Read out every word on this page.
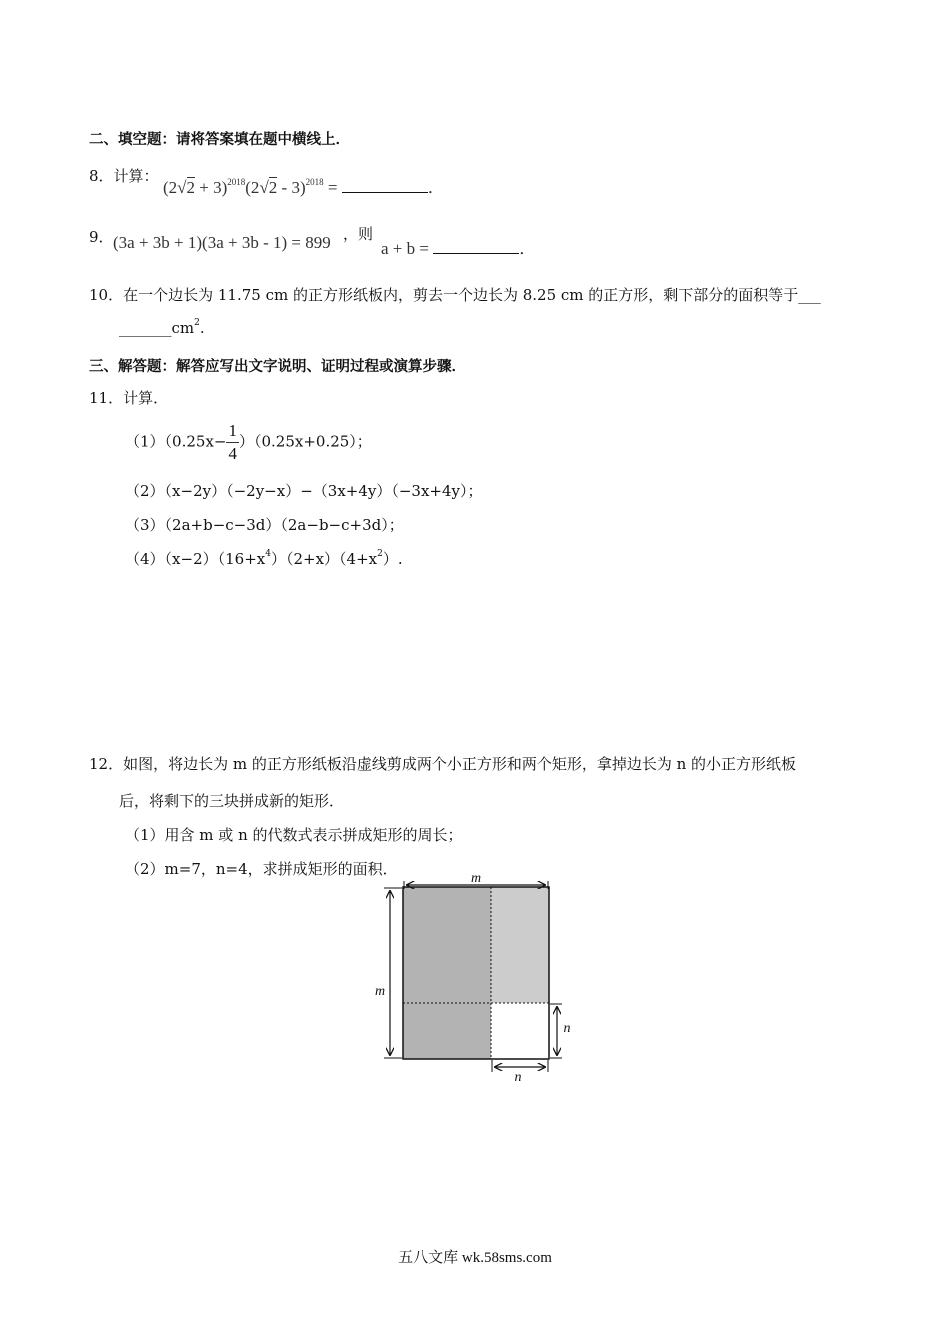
二、填空题：请将答案填在题中横线上．
8．计算：
$(2√2 + 3)^{2018}(2√2 - 3)^{2018}$ =	．
9． (3a + 3b + 1)(3a + 3b - 1) = 899 ，则
a + b =	．
10．在一个边长为 11.75 cm 的正方形纸板内，剪去一个边长为 8.25 cm 的正方形，剩下部分的面积等于___
$\_\_\_\_\_\_\_cm^2$.
三、解答题：解答应写出文字说明、证明过程或演算步骤．
11．计算．
$(1)(0.25x- \frac{1}{4} )(0.25x+0.25)$；
（2）（x−2y）（−2y−x）−（3x+4y）（−3x+4y）；
（3）（2a+b−c−3d）（2a−b−c+3d）；
$(4)(x-2)(16+x^4)(2+x)(4+x^2)$.
12．如图，将边长为 m 的正方形纸板沿虚线剪成两个小正方形和两个矩形，拿掉边长为 n 的小正方形纸板
后，将剩下的三块拼成新的矩形．
（1）用含 m 或 n 的代数式表示拼成矩形的周长；
（2）m=7，n=4，求拼成矩形的面积．
m
m
n
n
五八文库 wk.58sms.com
